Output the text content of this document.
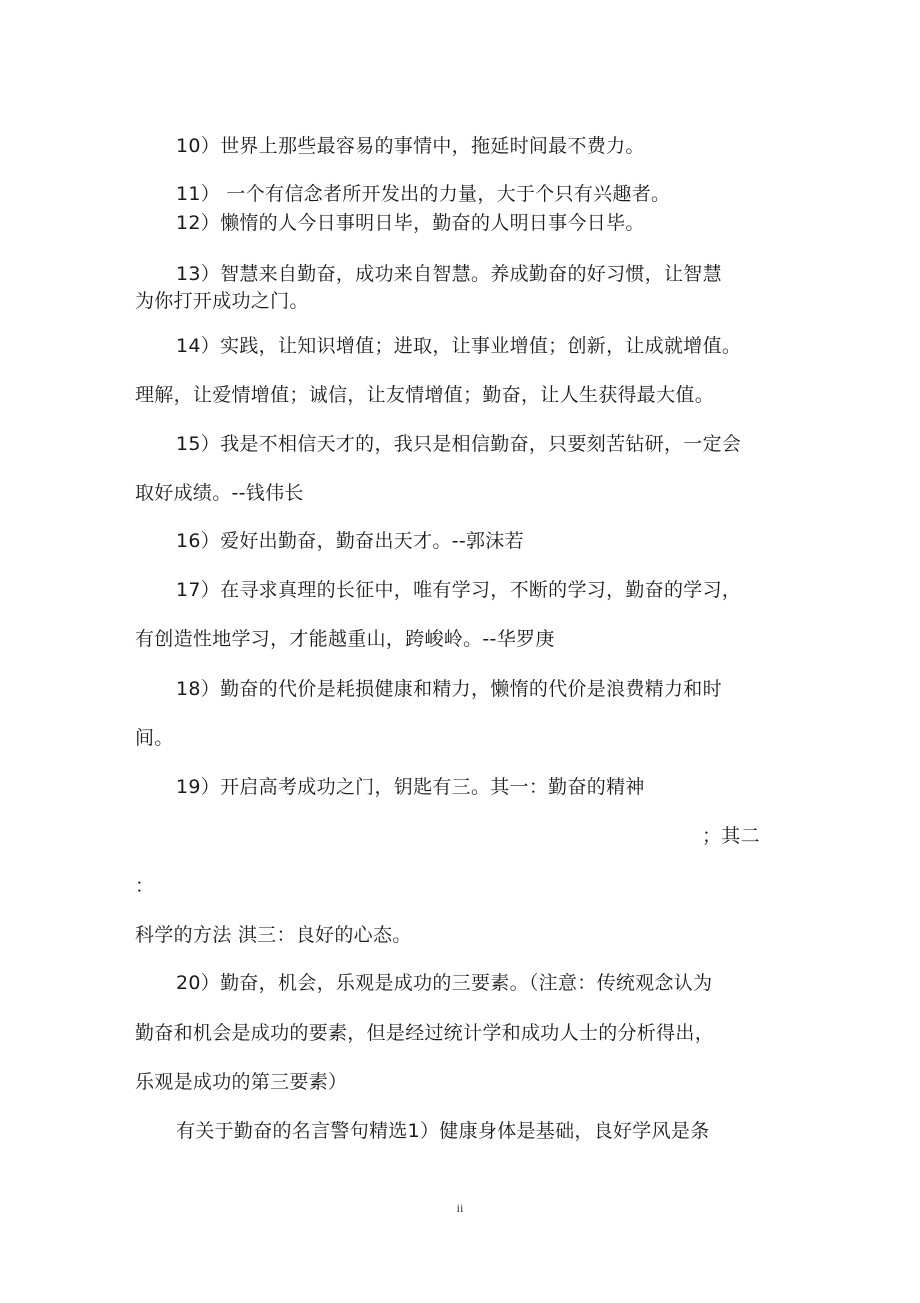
10）世界上那些最容易的事情中，拖延时间最不费力。
11） 一个有信念者所开发出的力量，大于个只有兴趣者。
12）懒惰的人今日事明日毕，勤奋的人明日事今日毕。
13）智慧来自勤奋，成功来自智慧。养成勤奋的好习惯，让智慧
为你打开成功之门。
14）实践，让知识增值；进取，让事业增值；创新，让成就增值。
理解，让爱情增值；诚信，让友情增值；勤奋，让人生获得最大值。
15）我是不相信天才的，我只是相信勤奋，只要刻苦钻研，一定会
取好成绩。--钱伟长
16）爱好出勤奋，勤奋出天才。--郭沫若
17）在寻求真理的长征中，唯有学习，不断的学习，勤奋的学习，
有创造性地学习，才能越重山，跨峻岭。--华罗庚
18）勤奋的代价是耗损健康和精力，懒惰的代价是浪费精力和时
间。
19）开启高考成功之门，钥匙有三。其一：勤奋的精神
；其二
：
科学的方法 淇三：良好的心态。
20）勤奋，机会，乐观是成功的三要素。（注意：传统观念认为
勤奋和机会是成功的要素，但是经过统计学和成功人士的分析得出，
乐观是成功的第三要素）
有关于勤奋的名言警句精选1）健康身体是基础，良好学风是条
ii
